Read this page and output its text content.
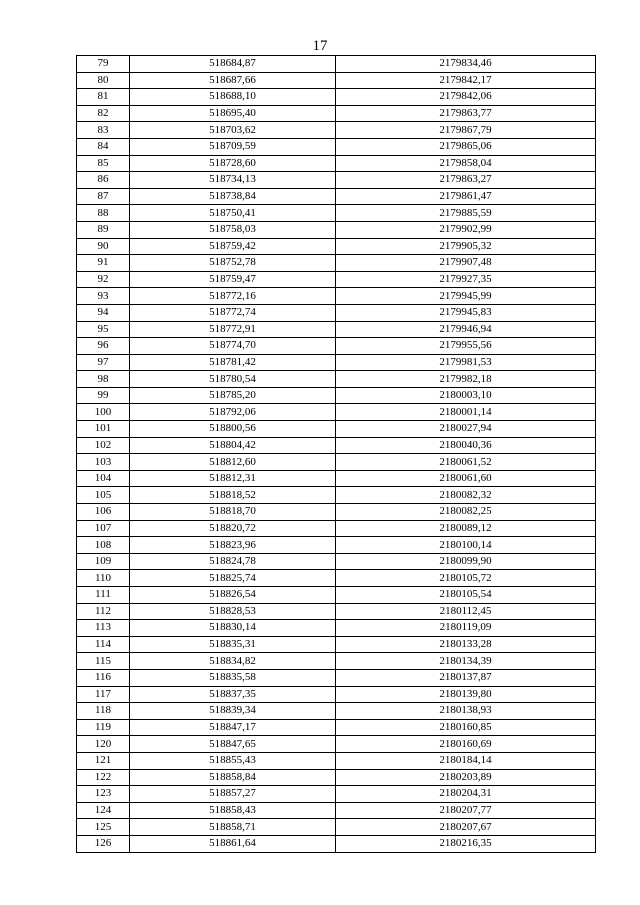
17
79	518684,87	2179834,46
80	518687,66	2179842,17
81	518688,10	2179842,06
82	518695,40	2179863,77
83	518703,62	2179867,79
84	518709,59	2179865,06
85	518728,60	2179858,04
86	518734,13	2179863,27
87	518738,84	2179861,47
88	518750,41	2179885,59
89	518758,03	2179902,99
90	518759,42	2179905,32
91	518752,78	2179907,48
92	518759,47	2179927,35
93	518772,16	2179945,99
94	518772,74	2179945,83
95	518772,91	2179946,94
96	518774,70	2179955,56
97	518781,42	2179981,53
98	518780,54	2179982,18
99	518785,20	2180003,10
100	518792,06	2180001,14
101	518800,56	2180027,94
102	518804,42	2180040,36
103	518812,60	2180061,52
104	518812,31	2180061,60
105	518818,52	2180082,32
106	518818,70	2180082,25
107	518820,72	2180089,12
108	518823,96	2180100,14
109	518824,78	2180099,90
110	518825,74	2180105,72
111	518826,54	2180105,54
112	518828,53	2180112,45
113	518830,14	2180119,09
114	518835,31	2180133,28
115	518834,82	2180134,39
116	518835,58	2180137,87
117	518837,35	2180139,80
118	518839,34	2180138,93
119	518847,17	2180160,85
120	518847,65	2180160,69
121	518855,43	2180184,14
122	518858,84	2180203,89
123	518857,27	2180204,31
124	518858,43	2180207,77
125	518858,71	2180207,67
126	518861,64	2180216,35
